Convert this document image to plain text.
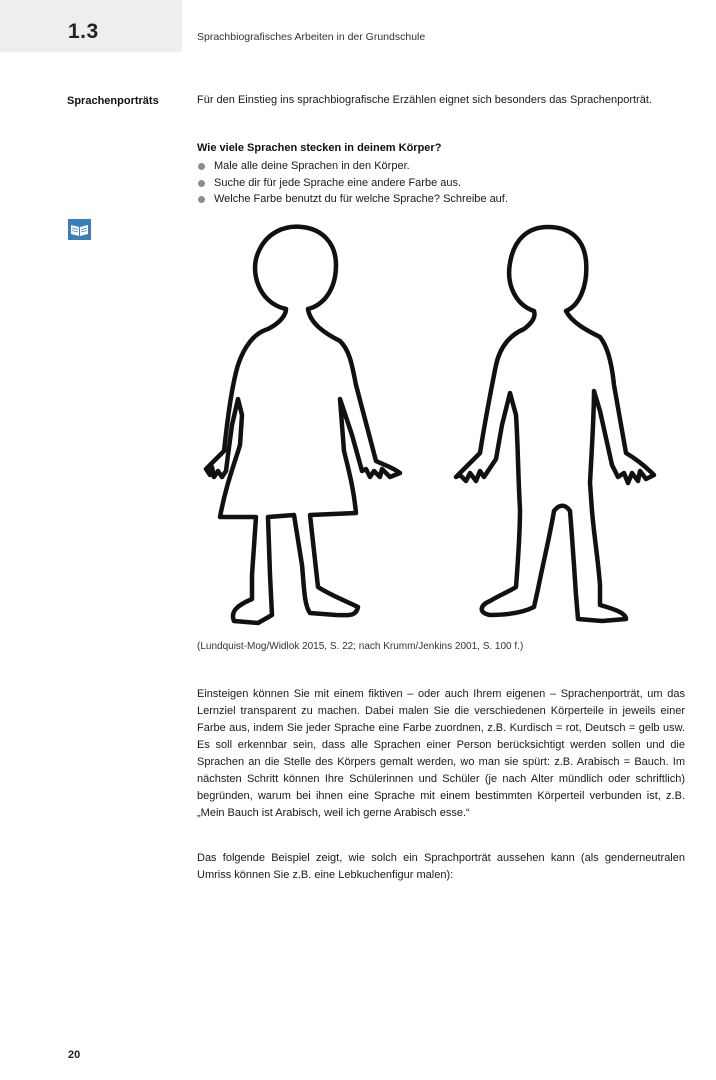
1.3	Sprachbiografisches Arbeiten in der Grundschule
Sprachenporträts	Für den Einstieg ins sprachbiografische Erzählen eignet sich besonders das Sprachenporträt.

Wie viele Sprachen stecken in deinem Körper?
Male alle deine Sprachen in den Körper.
Suche dir für jede Sprache eine andere Farbe aus.
Welche Farbe benutzt du für welche Sprache? Schreibe auf.
(Lundquist-Mog/Widlok 2015, S. 22; nach Krumm/Jenkins 2001, S. 100 f.)

Einsteigen können Sie mit einem fiktiven – oder auch Ihrem eigenen – Sprachenporträt, um das Lernziel transparent zu machen. Dabei malen Sie die verschiedenen Körperteile in jeweils einer Farbe aus, indem Sie jeder Sprache eine Farbe zuordnen, z.B. Kurdisch = rot, Deutsch = gelb usw. Es soll erkennbar sein, dass alle Sprachen einer Person berücksichtigt werden sollen und die Sprachen an die Stelle des Körpers gemalt werden, wo man sie spürt: z.B. Arabisch = Bauch. Im nächsten Schritt können Ihre Schülerinnen und Schüler (je nach Alter mündlich oder schriftlich) begründen, warum bei ihnen eine Sprache mit einem bestimmten Körperteil verbunden ist, z.B. „Mein Bauch ist Arabisch, weil ich gerne Arabisch esse.“

Das folgende Beispiel zeigt, wie solch ein Sprachporträt aussehen kann (als genderneutralen Umriss können Sie z.B. eine Lebkuchenfigur malen):

20
